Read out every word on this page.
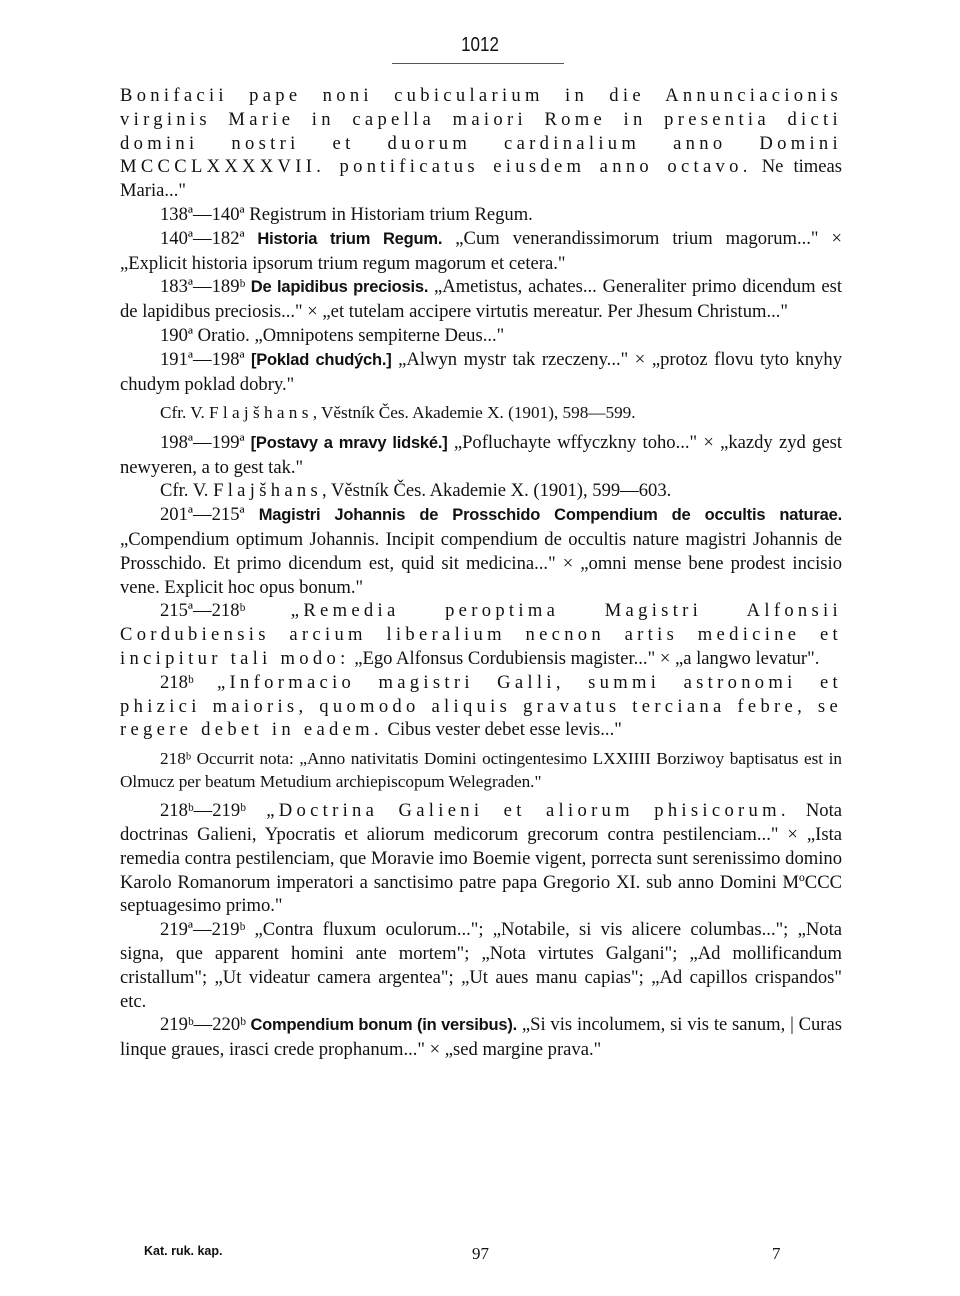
1012

Bonifacii pape noni cubicularium in die Annunciacionis virginis Marie in capella maiori Rome in presentia dicti domini nostri et duorum cardinalium anno Domini MCCCLXXXXVII. pontificatus eiusdem anno octavo. Ne timeas Maria..."

138ª—140ª Registrum in Historiam trium Regum.

140ª—182ª Historia trium Regum. „Cum venerandissimorum trium magorum..." × „Explicit historia ipsorum trium regum magorum et cetera."

183ª—189ᵇ De lapidibus preciosis. „Ametistus, achates... Generaliter primo dicendum est de lapidibus preciosis..." × „et tutelam accipere virtutis mereatur. Per Jhesum Christum..."

190ª Oratio. „Omnipotens sempiterne Deus..."

191ª—198ª [Poklad chudých.] „Alwyn mystr tak rzeczeny..." × „protoz flovu tyto knyhy chudym poklad dobry."

Cfr. V. Flajšhans, Věstník Čes. Akademie X. (1901), 598—599.

198ª—199ª [Postavy a mravy lidské.] „Pofluchayte wffyczkny toho..." × „kazdy zyd gest newyeren, a to gest tak."

Cfr. V. Flajšhans, Věstník Čes. Akademie X. (1901), 599—603.

201ª—215ª Magistri Johannis de Prosschido Compendium de occultis naturae. „Compendium optimum Johannis. Incipit compendium de occultis nature magistri Johannis de Prosschido. Et primo dicendum est, quid sit medicina..." × „omni mense bene prodest incisio vene. Explicit hoc opus bonum."

215ª—218ᵇ „Remedia peroptima Magistri Alfonsii Cordubiensis arcium liberalium necnon artis medicine et incipitur tali modo: „Ego Alfonsus Cordubiensis magister..." × „a langwo levatur".

218ᵇ „Informacio magistri Galli, summi astronomi et phizici maioris, quomodo aliquis gravatus terciana febre, se regere debet in eadem. Cibus vester debet esse levis..."

218ᵇ Occurrit nota: „Anno nativitatis Domini octingentesimo LXXIIII Borziwoy baptisatus est in Olmucz per beatum Metudium archiepiscopum Welegraden."

218ᵇ—219ᵇ „Doctrina Galieni et aliorum phisicorum. Nota doctrinas Galieni, Ypocratis et aliorum medicorum grecorum contra pestilenciam..." × „Ista remedia contra pestilenciam, que Moravie imo Boemie vigent, porrecta sunt serenissimo domino Karolo Romanorum imperatori a sanctisimo patre papa Gregorio XI. sub anno Domini MºCCC septuagesimo primo."

219ª—219ᵇ „Contra fluxum oculorum..."; „Notabile, si vis alicere columbas..."; „Nota signa, que apparent homini ante mortem"; „Nota virtutes Galgani"; „Ad mollificandum cristallum"; „Ut videatur camera argentea"; „Ut aues manu capias"; „Ad capillos crispandos" etc.

219ᵇ—220ᵇ Compendium bonum (in versibus). „Si vis incolumem, si vis te sanum, | Curas linque graues, irasci crede prophanum..." × „sed margine prava."

Kat. ruk. kap.	97	7
